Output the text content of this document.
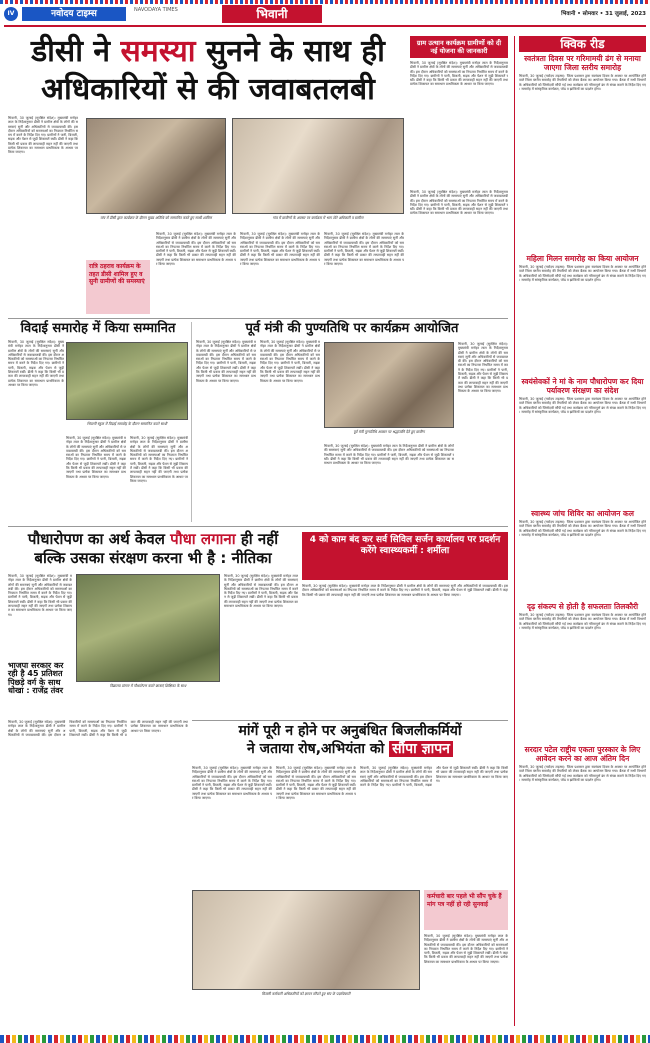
IV	नवोदय टाइम्स	NAVODAYA TIMES	भिवानी	भिवानी • सोमवार • 31 जुलाई, 2023
डीसी ने समस्या सुनने के साथ ही
अधिकारियों से की जवाबतलबी
ग्राम उत्थान कार्यक्रम ग्रामीणों को दी नई योजना की जानकारी
भिवानी, 30 जुलाई (सुरक्षित संदेश): मुख्यमंत्री मनोहर लाल के निर्देशानुसार डीसी ने ग्रामीण क्षेत्रों के लोगों की समस्याएं सुनीं और अधिकारियों से जवाबतलबी की। इस दौरान अधिकारियों को समस्याओं का निपटारा निर्धारित समय में करने के निर्देश दिए गए। ग्रामीणों ने पानी, बिजली, सड़क और पेंशन से जुड़ी शिकायतें रखीं। डीसी ने कहा कि किसी भी प्रकार की लापरवाही सहन नहीं की जाएगी तथा प्रत्येक शिकायत का समाधान प्राथमिकता के आधार पर किया जाएगा।
भिवानी, 30 जुलाई (सुरक्षित संदेश): मुख्यमंत्री मनोहर लाल के निर्देशानुसार डीसी ने ग्रामीण क्षेत्रों के लोगों की समस्याएं सुनीं और अधिकारियों से जवाबतलबी की। इस दौरान अधिकारियों को समस्याओं का निपटारा निर्धारित समय में करने के निर्देश दिए गए। ग्रामीणों ने पानी, बिजली, सड़क और पेंशन से जुड़ी शिकायतें रखीं। डीसी ने कहा कि किसी भी प्रकार की लापरवाही सहन नहीं की जाएगी तथा प्रत्येक शिकायत का समाधान प्राथमिकता के आधार पर किया जाएगा।
गांव में डीसी द्वारा कार्यक्रम के दौरान मुख्य अतिथि को सम्मानित करते हुए साथी शामिल	गांव में ग्रामीणों के अवसर पर कार्यक्रम में भाग लेते अधिकारी व ग्रामीण
रात्रि ठहराव कार्यक्रम के तहत डीसी शामिल हुए व सुनी ग्रामीणों की समस्याएं
भिवानी, 30 जुलाई (सुरक्षित संदेश): मुख्यमंत्री मनोहर लाल के निर्देशानुसार डीसी ने ग्रामीण क्षेत्रों के लोगों की समस्याएं सुनीं और अधिकारियों से जवाबतलबी की। इस दौरान अधिकारियों को समस्याओं का निपटारा निर्धारित समय में करने के निर्देश दिए गए। ग्रामीणों ने पानी, बिजली, सड़क और पेंशन से जुड़ी शिकायतें रखीं। डीसी ने कहा कि किसी भी प्रकार की लापरवाही सहन नहीं की जाएगी तथा प्रत्येक शिकायत का समाधान प्राथमिकता के आधार पर किया जाएगा।
भिवानी, 30 जुलाई (सुरक्षित संदेश): मुख्यमंत्री मनोहर लाल के निर्देशानुसार डीसी ने ग्रामीण क्षेत्रों के लोगों की समस्याएं सुनीं और अधिकारियों से जवाबतलबी की। इस दौरान अधिकारियों को समस्याओं का निपटारा निर्धारित समय में करने के निर्देश दिए गए। ग्रामीणों ने पानी, बिजली, सड़क और पेंशन से जुड़ी शिकायतें रखीं। डीसी ने कहा कि किसी भी प्रकार की लापरवाही सहन नहीं की जाएगी तथा प्रत्येक शिकायत का समाधान प्राथमिकता के आधार पर किया जाएगा।
भिवानी, 30 जुलाई (सुरक्षित संदेश): मुख्यमंत्री मनोहर लाल के निर्देशानुसार डीसी ने ग्रामीण क्षेत्रों के लोगों की समस्याएं सुनीं और अधिकारियों से जवाबतलबी की। इस दौरान अधिकारियों को समस्याओं का निपटारा निर्धारित समय में करने के निर्देश दिए गए। ग्रामीणों ने पानी, बिजली, सड़क और पेंशन से जुड़ी शिकायतें रखीं। डीसी ने कहा कि किसी भी प्रकार की लापरवाही सहन नहीं की जाएगी तथा प्रत्येक शिकायत का समाधान प्राथमिकता के आधार पर किया जाएगा।
भिवानी, 30 जुलाई (सुरक्षित संदेश): मुख्यमंत्री मनोहर लाल के निर्देशानुसार डीसी ने ग्रामीण क्षेत्रों के लोगों की समस्याएं सुनीं और अधिकारियों से जवाबतलबी की। इस दौरान अधिकारियों को समस्याओं का निपटारा निर्धारित समय में करने के निर्देश दिए गए। ग्रामीणों ने पानी, बिजली, सड़क और पेंशन से जुड़ी शिकायतें रखीं। डीसी ने कहा कि किसी भी प्रकार की लापरवाही सहन नहीं की जाएगी तथा प्रत्येक शिकायत का समाधान प्राथमिकता के आधार पर किया जाएगा।
क्विक रीड
स्वतंत्रता दिवस पर गरिमामयी ढंग से मनाया जाएगा जिला स्तरीय समारोह
भिवानी, 30 जुलाई (नवोदय टाइम्स): जिला प्रशासन द्वारा स्वतंत्रता दिवस के अवसर पर आयोजित होने वाले जिला स्तरीय समारोह की तैयारियों को लेकर बैठक का आयोजन किया गया। बैठक में सभी विभागों के अधिकारियों को जिम्मेदारी सौंपी गई तथा कार्यक्रम को गरिमापूर्ण ढंग से संपन्न कराने के निर्देश दिए गए। समारोह में सांस्कृतिक कार्यक्रम, परेड व झांकियों का प्रदर्शन होगा।
महिला मिलन समारोह का किया आयोजन
भिवानी, 30 जुलाई (नवोदय टाइम्स): जिला प्रशासन द्वारा स्वतंत्रता दिवस के अवसर पर आयोजित होने वाले जिला स्तरीय समारोह की तैयारियों को लेकर बैठक का आयोजन किया गया। बैठक में सभी विभागों के अधिकारियों को जिम्मेदारी सौंपी गई तथा कार्यक्रम को गरिमापूर्ण ढंग से संपन्न कराने के निर्देश दिए गए। समारोह में सांस्कृतिक कार्यक्रम, परेड व झांकियों का प्रदर्शन होगा।
स्वयंसेवकों ने मां के नाम पौधारोपण कर दिया पर्यावरण संरक्षण का संदेश
भिवानी, 30 जुलाई (नवोदय टाइम्स): जिला प्रशासन द्वारा स्वतंत्रता दिवस के अवसर पर आयोजित होने वाले जिला स्तरीय समारोह की तैयारियों को लेकर बैठक का आयोजन किया गया। बैठक में सभी विभागों के अधिकारियों को जिम्मेदारी सौंपी गई तथा कार्यक्रम को गरिमापूर्ण ढंग से संपन्न कराने के निर्देश दिए गए। समारोह में सांस्कृतिक कार्यक्रम, परेड व झांकियों का प्रदर्शन होगा।
स्वास्थ्य जांच शिविर का आयोजन कल
भिवानी, 30 जुलाई (नवोदय टाइम्स): जिला प्रशासन द्वारा स्वतंत्रता दिवस के अवसर पर आयोजित होने वाले जिला स्तरीय समारोह की तैयारियों को लेकर बैठक का आयोजन किया गया। बैठक में सभी विभागों के अधिकारियों को जिम्मेदारी सौंपी गई तथा कार्यक्रम को गरिमापूर्ण ढंग से संपन्न कराने के निर्देश दिए गए। समारोह में सांस्कृतिक कार्यक्रम, परेड व झांकियों का प्रदर्शन होगा।
दृढ़ संकल्प से होती है सफलताः तिलकौरी
भिवानी, 30 जुलाई (नवोदय टाइम्स): जिला प्रशासन द्वारा स्वतंत्रता दिवस के अवसर पर आयोजित होने वाले जिला स्तरीय समारोह की तैयारियों को लेकर बैठक का आयोजन किया गया। बैठक में सभी विभागों के अधिकारियों को जिम्मेदारी सौंपी गई तथा कार्यक्रम को गरिमापूर्ण ढंग से संपन्न कराने के निर्देश दिए गए। समारोह में सांस्कृतिक कार्यक्रम, परेड व झांकियों का प्रदर्शन होगा।
सरदार पटेल राष्ट्रीय एकता पुरस्कार के लिए आवेदन करने का आज अंतिम दिन
भिवानी, 30 जुलाई (नवोदय टाइम्स): जिला प्रशासन द्वारा स्वतंत्रता दिवस के अवसर पर आयोजित होने वाले जिला स्तरीय समारोह की तैयारियों को लेकर बैठक का आयोजन किया गया। बैठक में सभी विभागों के अधिकारियों को जिम्मेदारी सौंपी गई तथा कार्यक्रम को गरिमापूर्ण ढंग से संपन्न कराने के निर्देश दिए गए। समारोह में सांस्कृतिक कार्यक्रम, परेड व झांकियों का प्रदर्शन होगा।
विदाई समारोह में किया सम्मानित
भिवानी, 30 जुलाई (सुरक्षित संदेश): मुख्यमंत्री मनोहर लाल के निर्देशानुसार डीसी ने ग्रामीण क्षेत्रों के लोगों की समस्याएं सुनीं और अधिकारियों से जवाबतलबी की। इस दौरान अधिकारियों को समस्याओं का निपटारा निर्धारित समय में करने के निर्देश दिए गए। ग्रामीणों ने पानी, बिजली, सड़क और पेंशन से जुड़ी शिकायतें रखीं। डीसी ने कहा कि किसी भी प्रकार की लापरवाही सहन नहीं की जाएगी तथा प्रत्येक शिकायत का समाधान प्राथमिकता के आधार पर किया जाएगा।
भिवानी स्कूल में विदाई समारोह के दौरान सम्मानित करते साथी
भिवानी, 30 जुलाई (सुरक्षित संदेश): मुख्यमंत्री मनोहर लाल के निर्देशानुसार डीसी ने ग्रामीण क्षेत्रों के लोगों की समस्याएं सुनीं और अधिकारियों से जवाबतलबी की। इस दौरान अधिकारियों को समस्याओं का निपटारा निर्धारित समय में करने के निर्देश दिए गए। ग्रामीणों ने पानी, बिजली, सड़क और पेंशन से जुड़ी शिकायतें रखीं। डीसी ने कहा कि किसी भी प्रकार की लापरवाही सहन नहीं की जाएगी तथा प्रत्येक शिकायत का समाधान प्राथमिकता के आधार पर किया जाएगा।
भिवानी, 30 जुलाई (सुरक्षित संदेश): मुख्यमंत्री मनोहर लाल के निर्देशानुसार डीसी ने ग्रामीण क्षेत्रों के लोगों की समस्याएं सुनीं और अधिकारियों से जवाबतलबी की। इस दौरान अधिकारियों को समस्याओं का निपटारा निर्धारित समय में करने के निर्देश दिए गए। ग्रामीणों ने पानी, बिजली, सड़क और पेंशन से जुड़ी शिकायतें रखीं। डीसी ने कहा कि किसी भी प्रकार की लापरवाही सहन नहीं की जाएगी तथा प्रत्येक शिकायत का समाधान प्राथमिकता के आधार पर किया जाएगा।
पूर्व मंत्री की पुण्यतिथि पर कार्यक्रम आयोजित
भिवानी, 30 जुलाई (सुरक्षित संदेश): मुख्यमंत्री मनोहर लाल के निर्देशानुसार डीसी ने ग्रामीण क्षेत्रों के लोगों की समस्याएं सुनीं और अधिकारियों से जवाबतलबी की। इस दौरान अधिकारियों को समस्याओं का निपटारा निर्धारित समय में करने के निर्देश दिए गए। ग्रामीणों ने पानी, बिजली, सड़क और पेंशन से जुड़ी शिकायतें रखीं। डीसी ने कहा कि किसी भी प्रकार की लापरवाही सहन नहीं की जाएगी तथा प्रत्येक शिकायत का समाधान प्राथमिकता के आधार पर किया जाएगा।
भिवानी, 30 जुलाई (सुरक्षित संदेश): मुख्यमंत्री मनोहर लाल के निर्देशानुसार डीसी ने ग्रामीण क्षेत्रों के लोगों की समस्याएं सुनीं और अधिकारियों से जवाबतलबी की। इस दौरान अधिकारियों को समस्याओं का निपटारा निर्धारित समय में करने के निर्देश दिए गए। ग्रामीणों ने पानी, बिजली, सड़क और पेंशन से जुड़ी शिकायतें रखीं। डीसी ने कहा कि किसी भी प्रकार की लापरवाही सहन नहीं की जाएगी तथा प्रत्येक शिकायत का समाधान प्राथमिकता के आधार पर किया जाएगा।
पूर्व मंत्री पुण्यतिथि अवसर पर श्रद्धांजलि देते हुए ग्रामीण
भिवानी, 30 जुलाई (सुरक्षित संदेश): मुख्यमंत्री मनोहर लाल के निर्देशानुसार डीसी ने ग्रामीण क्षेत्रों के लोगों की समस्याएं सुनीं और अधिकारियों से जवाबतलबी की। इस दौरान अधिकारियों को समस्याओं का निपटारा निर्धारित समय में करने के निर्देश दिए गए। ग्रामीणों ने पानी, बिजली, सड़क और पेंशन से जुड़ी शिकायतें रखीं। डीसी ने कहा कि किसी भी प्रकार की लापरवाही सहन नहीं की जाएगी तथा प्रत्येक शिकायत का समाधान प्राथमिकता के आधार पर किया जाएगा।
भिवानी, 30 जुलाई (सुरक्षित संदेश): मुख्यमंत्री मनोहर लाल के निर्देशानुसार डीसी ने ग्रामीण क्षेत्रों के लोगों की समस्याएं सुनीं और अधिकारियों से जवाबतलबी की। इस दौरान अधिकारियों को समस्याओं का निपटारा निर्धारित समय में करने के निर्देश दिए गए। ग्रामीणों ने पानी, बिजली, सड़क और पेंशन से जुड़ी शिकायतें रखीं। डीसी ने कहा कि किसी भी प्रकार की लापरवाही सहन नहीं की जाएगी तथा प्रत्येक शिकायत का समाधान प्राथमिकता के आधार पर किया जाएगा।
पौधारोपण का अर्थ केवल पौधा लगाना ही नहीं
बल्कि उसका संरक्षण करना भी है : नीतिका
भिवानी, 30 जुलाई (सुरक्षित संदेश): मुख्यमंत्री मनोहर लाल के निर्देशानुसार डीसी ने ग्रामीण क्षेत्रों के लोगों की समस्याएं सुनीं और अधिकारियों से जवाबतलबी की। इस दौरान अधिकारियों को समस्याओं का निपटारा निर्धारित समय में करने के निर्देश दिए गए। ग्रामीणों ने पानी, बिजली, सड़क और पेंशन से जुड़ी शिकायतें रखीं। डीसी ने कहा कि किसी भी प्रकार की लापरवाही सहन नहीं की जाएगी तथा प्रत्येक शिकायत का समाधान प्राथमिकता के आधार पर किया जाएगा।
विद्यालय प्रांगण में पौधारोपण करते छात्राएं शिक्षिका के साथ
भिवानी, 30 जुलाई (सुरक्षित संदेश): मुख्यमंत्री मनोहर लाल के निर्देशानुसार डीसी ने ग्रामीण क्षेत्रों के लोगों की समस्याएं सुनीं और अधिकारियों से जवाबतलबी की। इस दौरान अधिकारियों को समस्याओं का निपटारा निर्धारित समय में करने के निर्देश दिए गए। ग्रामीणों ने पानी, बिजली, सड़क और पेंशन से जुड़ी शिकायतें रखीं। डीसी ने कहा कि किसी भी प्रकार की लापरवाही सहन नहीं की जाएगी तथा प्रत्येक शिकायत का समाधान प्राथमिकता के आधार पर किया जाएगा।
भाजपा सरकार कर रही है 45 प्रतिशत पिछड़े वर्ग के साथ धोखा : राजेंद्र तंवर
भिवानी, 30 जुलाई (सुरक्षित संदेश): मुख्यमंत्री मनोहर लाल के निर्देशानुसार डीसी ने ग्रामीण क्षेत्रों के लोगों की समस्याएं सुनीं और अधिकारियों से जवाबतलबी की। इस दौरान अधिकारियों को समस्याओं का निपटारा निर्धारित समय में करने के निर्देश दिए गए। ग्रामीणों ने पानी, बिजली, सड़क और पेंशन से जुड़ी शिकायतें रखीं। डीसी ने कहा कि किसी भी प्रकार की लापरवाही सहन नहीं की जाएगी तथा प्रत्येक शिकायत का समाधान प्राथमिकता के आधार पर किया जाएगा।
4 को काम बंद कर सर्व सिविल सर्जन कार्यालय पर प्रदर्शन करेंगे स्वास्थ्यकर्मी : शर्मीला
भिवानी, 30 जुलाई (सुरक्षित संदेश): मुख्यमंत्री मनोहर लाल के निर्देशानुसार डीसी ने ग्रामीण क्षेत्रों के लोगों की समस्याएं सुनीं और अधिकारियों से जवाबतलबी की। इस दौरान अधिकारियों को समस्याओं का निपटारा निर्धारित समय में करने के निर्देश दिए गए। ग्रामीणों ने पानी, बिजली, सड़क और पेंशन से जुड़ी शिकायतें रखीं। डीसी ने कहा कि किसी भी प्रकार की लापरवाही सहन नहीं की जाएगी तथा प्रत्येक शिकायत का समाधान प्राथमिकता के आधार पर किया जाएगा।
मांगें पूरी न होने पर अनुबंधित बिजलीकर्मियों
ने जताया रोष,अभियंता को सौंपा ज्ञापन
भिवानी, 30 जुलाई (सुरक्षित संदेश): मुख्यमंत्री मनोहर लाल के निर्देशानुसार डीसी ने ग्रामीण क्षेत्रों के लोगों की समस्याएं सुनीं और अधिकारियों से जवाबतलबी की। इस दौरान अधिकारियों को समस्याओं का निपटारा निर्धारित समय में करने के निर्देश दिए गए। ग्रामीणों ने पानी, बिजली, सड़क और पेंशन से जुड़ी शिकायतें रखीं। डीसी ने कहा कि किसी भी प्रकार की लापरवाही सहन नहीं की जाएगी तथा प्रत्येक शिकायत का समाधान प्राथमिकता के आधार पर किया जाएगा।
भिवानी, 30 जुलाई (सुरक्षित संदेश): मुख्यमंत्री मनोहर लाल के निर्देशानुसार डीसी ने ग्रामीण क्षेत्रों के लोगों की समस्याएं सुनीं और अधिकारियों से जवाबतलबी की। इस दौरान अधिकारियों को समस्याओं का निपटारा निर्धारित समय में करने के निर्देश दिए गए। ग्रामीणों ने पानी, बिजली, सड़क और पेंशन से जुड़ी शिकायतें रखीं। डीसी ने कहा कि किसी भी प्रकार की लापरवाही सहन नहीं की जाएगी तथा प्रत्येक शिकायत का समाधान प्राथमिकता के आधार पर किया जाएगा।
बिजली कर्मचारी अधिकारियों को ज्ञापन सौंपते हुए संघ के पदाधिकारी
कर्मचारी बार पहले भी सौंप चुके हैं मांग पत्र नहीं हो रही सुनवाई
भिवानी, 30 जुलाई (सुरक्षित संदेश): मुख्यमंत्री मनोहर लाल के निर्देशानुसार डीसी ने ग्रामीण क्षेत्रों के लोगों की समस्याएं सुनीं और अधिकारियों से जवाबतलबी की। इस दौरान अधिकारियों को समस्याओं का निपटारा निर्धारित समय में करने के निर्देश दिए गए। ग्रामीणों ने पानी, बिजली, सड़क और पेंशन से जुड़ी शिकायतें रखीं। डीसी ने कहा कि किसी भी प्रकार की लापरवाही सहन नहीं की जाएगी तथा प्रत्येक शिकायत का समाधान प्राथमिकता के आधार पर किया जाएगा।
भिवानी, 30 जुलाई (सुरक्षित संदेश): मुख्यमंत्री मनोहर लाल के निर्देशानुसार डीसी ने ग्रामीण क्षेत्रों के लोगों की समस्याएं सुनीं और अधिकारियों से जवाबतलबी की। इस दौरान अधिकारियों को समस्याओं का निपटारा निर्धारित समय में करने के निर्देश दिए गए। ग्रामीणों ने पानी, बिजली, सड़क और पेंशन से जुड़ी शिकायतें रखीं। डीसी ने कहा कि किसी भी प्रकार की लापरवाही सहन नहीं की जाएगी तथा प्रत्येक शिकायत का समाधान प्राथमिकता के आधार पर किया जाएगा।
